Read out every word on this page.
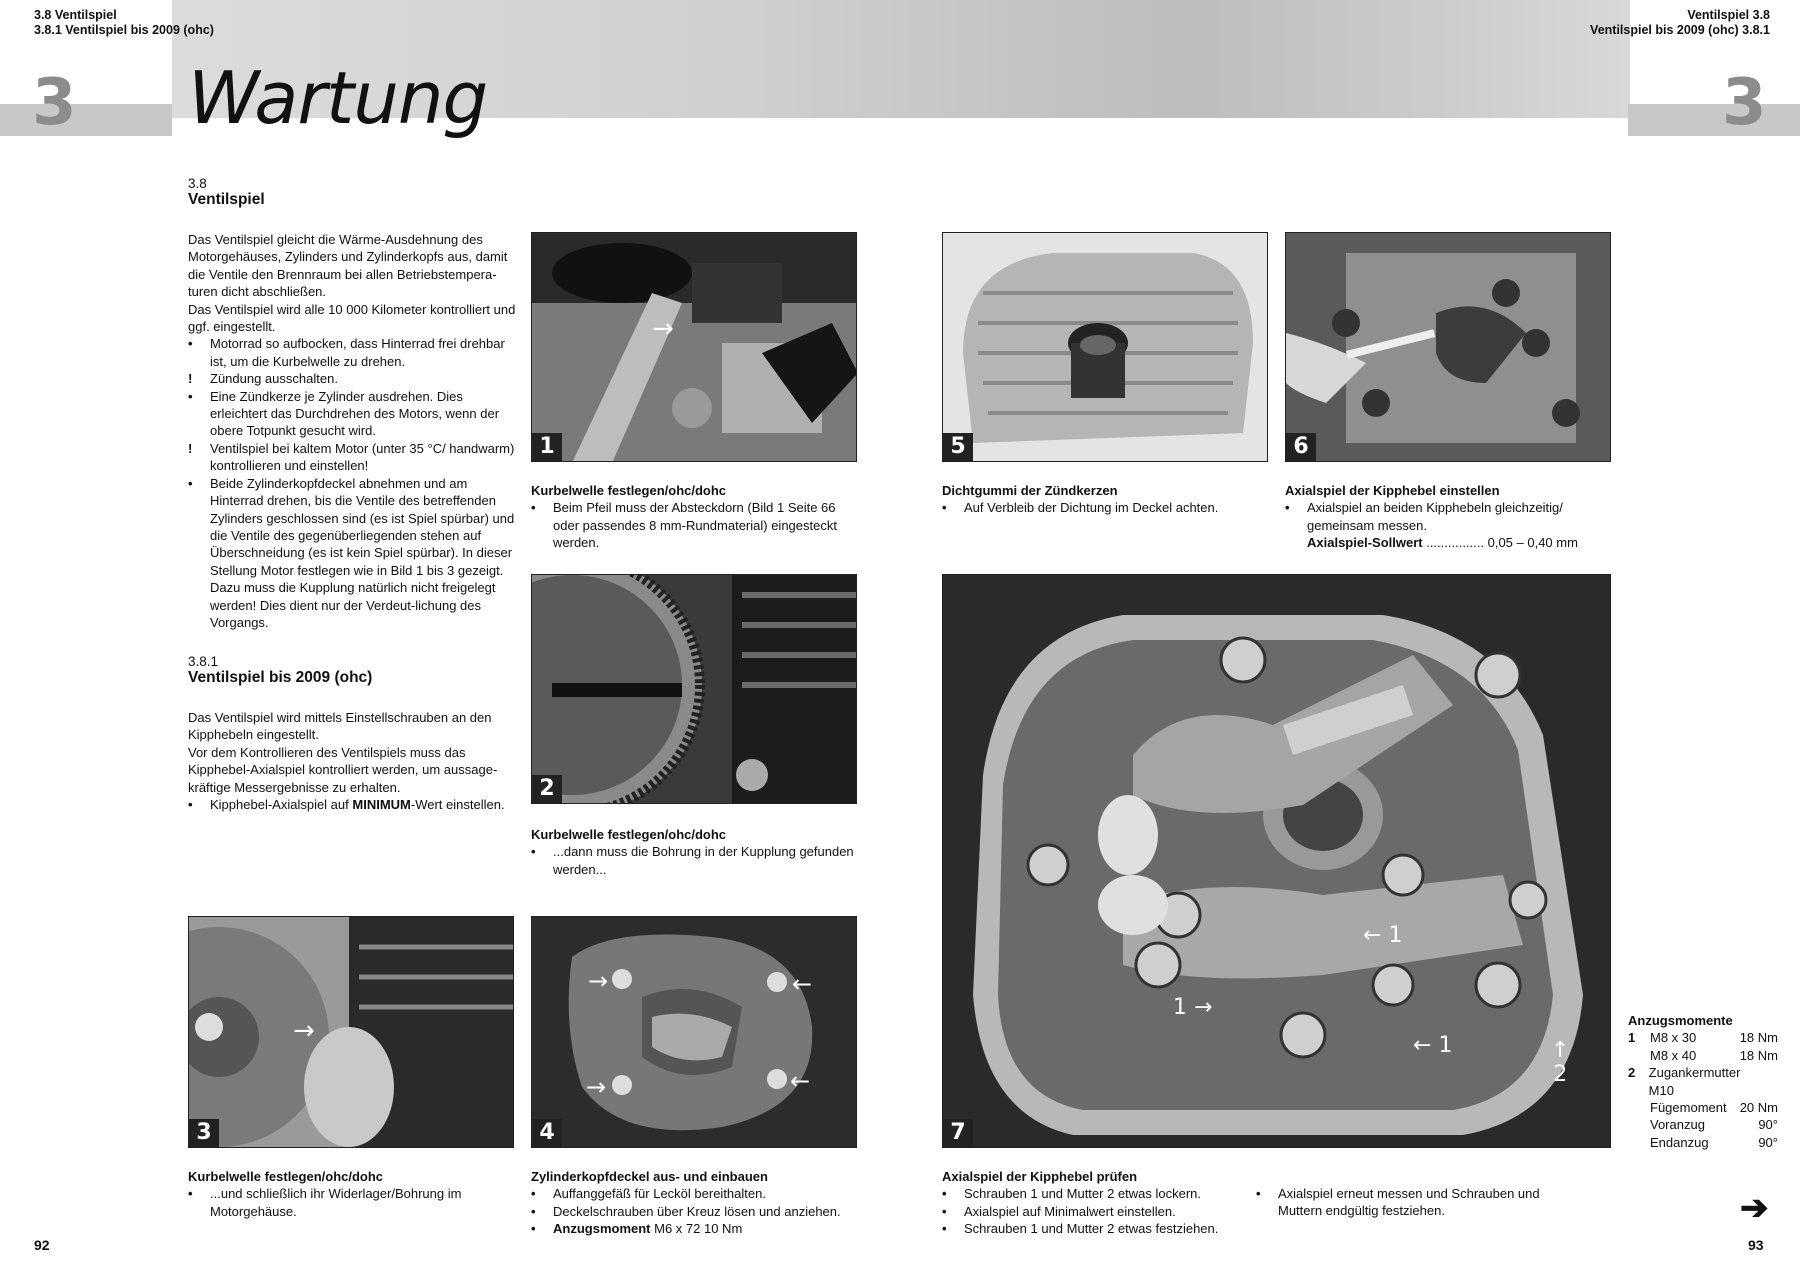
3.8 Ventilspiel
3.8.1 Ventilspiel bis 2009 (ohc)
Ventilspiel 3.8
Ventilspiel bis 2009 (ohc) 3.8.1
3	3
Wartung
3.8
Ventilspiel

Das Ventilspiel gleicht die Wärme-Ausdehnung des Motorgehäuses, Zylinders und Zylinderkopfs aus, damit die Ventile den Brennraum bei allen Betriebstempera-turen dicht abschließen.

Das Ventilspiel wird alle 10 000 Kilometer kontrolliert und ggf. eingestellt.

•	Motorrad so aufbocken, dass Hinterrad frei drehbar ist, um die Kurbelwelle zu drehen.
!	Zündung ausschalten.
•	Eine Zündkerze je Zylinder ausdrehen. Dies erleichtert das Durchdrehen des Motors, wenn der obere Totpunkt gesucht wird.
!	Ventilspiel bei kaltem Motor (unter 35 °C/ handwarm) kontrollieren und einstellen!
•	Beide Zylinderkopfdeckel abnehmen und am Hinterrad drehen, bis die Ventile des betreffenden Zylinders geschlossen sind (es ist Spiel spürbar) und die Ventile des gegenüberliegenden stehen auf Überschneidung (es ist kein Spiel spürbar). In dieser Stellung Motor festlegen wie in Bild 1 bis 3 gezeigt. Dazu muss die Kupplung natürlich nicht freigelegt werden! Dies dient nur der Verdeut-lichung des Vorgangs.
3.8.1
Ventilspiel bis 2009 (ohc)

Das Ventilspiel wird mittels Einstellschrauben an den Kipphebeln eingestellt.

Vor dem Kontrollieren des Ventilspiels muss das Kipphebel-Axialspiel kontrolliert werden, um aussage-kräftige Messergebnisse zu erhalten.

•	Kipphebel-Axialspiel auf MINIMUM-Wert einstellen.
→
1
Kurbelwelle festlegen/ohc/dohc
•	Beim Pfeil muss der Absteckdorn (Bild 1 Seite 66 oder passendes 8 mm-Rundmaterial) eingesteckt werden.
2
Kurbelwelle festlegen/ohc/dohc
•	...dann muss die Bohrung in der Kupplung gefunden werden...
→
3
Kurbelwelle festlegen/ohc/dohc
•	...und schließlich ihr Widerlager/Bohrung im Motorgehäuse.
→	←
→	←
4
Zylinderkopfdeckel aus- und einbauen
•	Auffanggefäß für Lecköl bereithalten.
•	Deckelschrauben über Kreuz lösen und anziehen.
•	Anzugsmoment M6 x 72 10 Nm
5
Dichtgummi der Zündkerzen
•	Auf Verbleib der Dichtung im Deckel achten.
6
Axialspiel der Kipphebel einstellen
•	Axialspiel an beiden Kipphebeln gleichzeitig/ gemeinsam messen.
Axialspiel-Sollwert ................ 0,05 – 0,40 mm
← 1
1 →
← 1	↑
2
7
Axialspiel der Kipphebel prüfen
•	Schrauben 1 und Mutter 2 etwas lockern.
•	Axialspiel auf Minimalwert einstellen.
•	Schrauben 1 und Mutter 2 etwas festziehen.
•	Axialspiel erneut messen und Schrauben und Muttern endgültig festziehen.
Anzugsmomente
1	M8 x 30	18 Nm
M8 x 40	18 Nm
2	Zugankermutter M10
Fügemoment	20 Nm
Voranzug	90°
Endanzug	90°
➔
92	93
